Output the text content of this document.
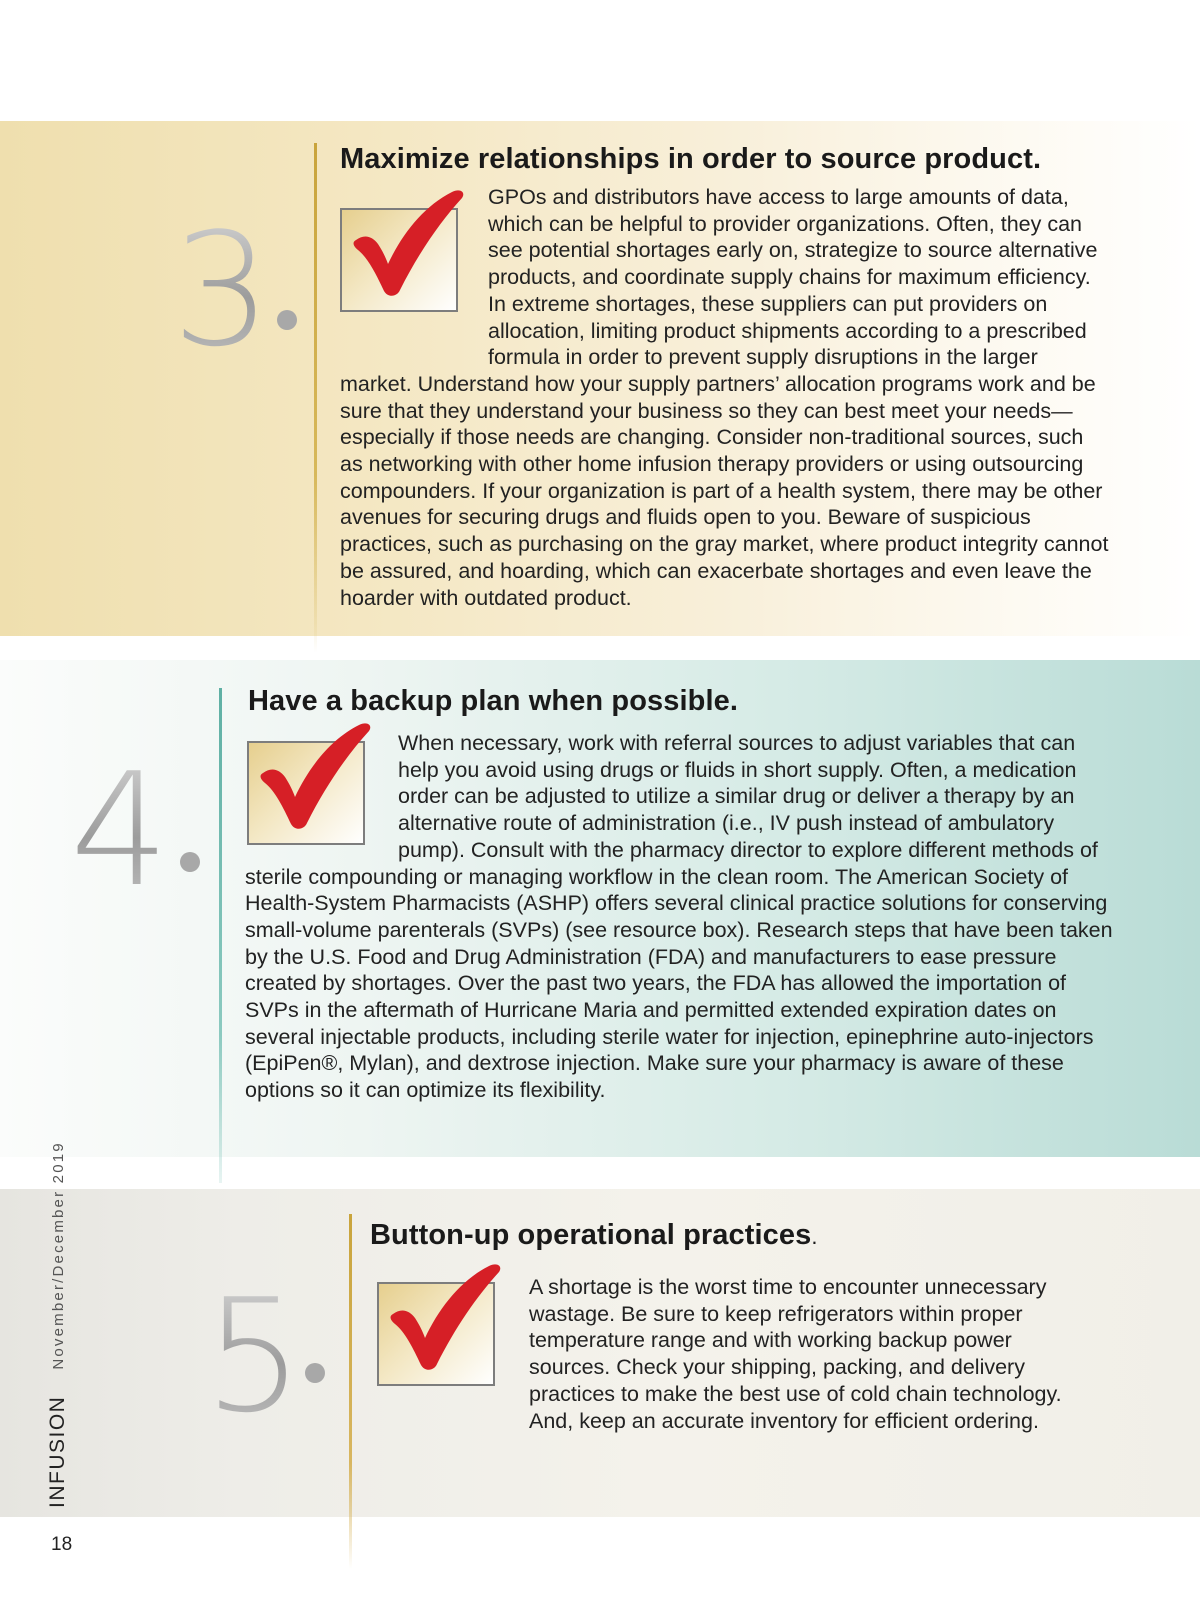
3
Maximize relationships in order to source product.

GPOs and distributors have access to large amounts of data, which can be helpful to provider organizations. Often, they can see potential shortages early on, strategize to source alternative products, and coordinate supply chains for maximum efficiency. In extreme shortages, these suppliers can put providers on allocation, limiting product shipments according to a prescribed formula in order to prevent supply disruptions in the larger market. Understand how your supply partners’ allocation programs work and be sure that they understand your business so they can best meet your needs—especially if those needs are changing. Consider non-traditional sources, such as networking with other home infusion therapy providers or using outsourcing compounders. If your organization is part of a health system, there may be other avenues for securing drugs and fluids open to you. Beware of suspicious practices, such as purchasing on the gray market, where product integrity cannot be assured, and hoarding, which can exacerbate shortages and even leave the hoarder with outdated product.

4
Have a backup plan when possible.

When necessary, work with referral sources to adjust variables that can help you avoid using drugs or fluids in short supply. Often, a medication order can be adjusted to utilize a similar drug or deliver a therapy by an alternative route of administration (i.e., IV push instead of ambulatory pump). Consult with the pharmacy director to explore different methods of sterile compounding or managing workflow in the clean room. The American Society of Health-System Pharmacists (ASHP) offers several clinical practice solutions for conserving small-volume parenterals (SVPs) (see resource box). Research steps that have been taken by the U.S. Food and Drug Administration (FDA) and manufacturers to ease pressure created by shortages. Over the past two years, the FDA has allowed the importation of SVPs in the aftermath of Hurricane Maria and permitted extended expiration dates on several injectable products, including sterile water for injection, epinephrine auto-injectors (EpiPen®, Mylan), and dextrose injection. Make sure your pharmacy is aware of these options so it can optimize its flexibility.

5
Button-up operational practices.

A shortage is the worst time to encounter unnecessary wastage. Be sure to keep refrigerators within proper temperature range and with working backup power sources. Check your shipping, packing, and delivery practices to make the best use of cold chain technology. And, keep an accurate inventory for efficient ordering.

INFUSION
November/December 2019
18
